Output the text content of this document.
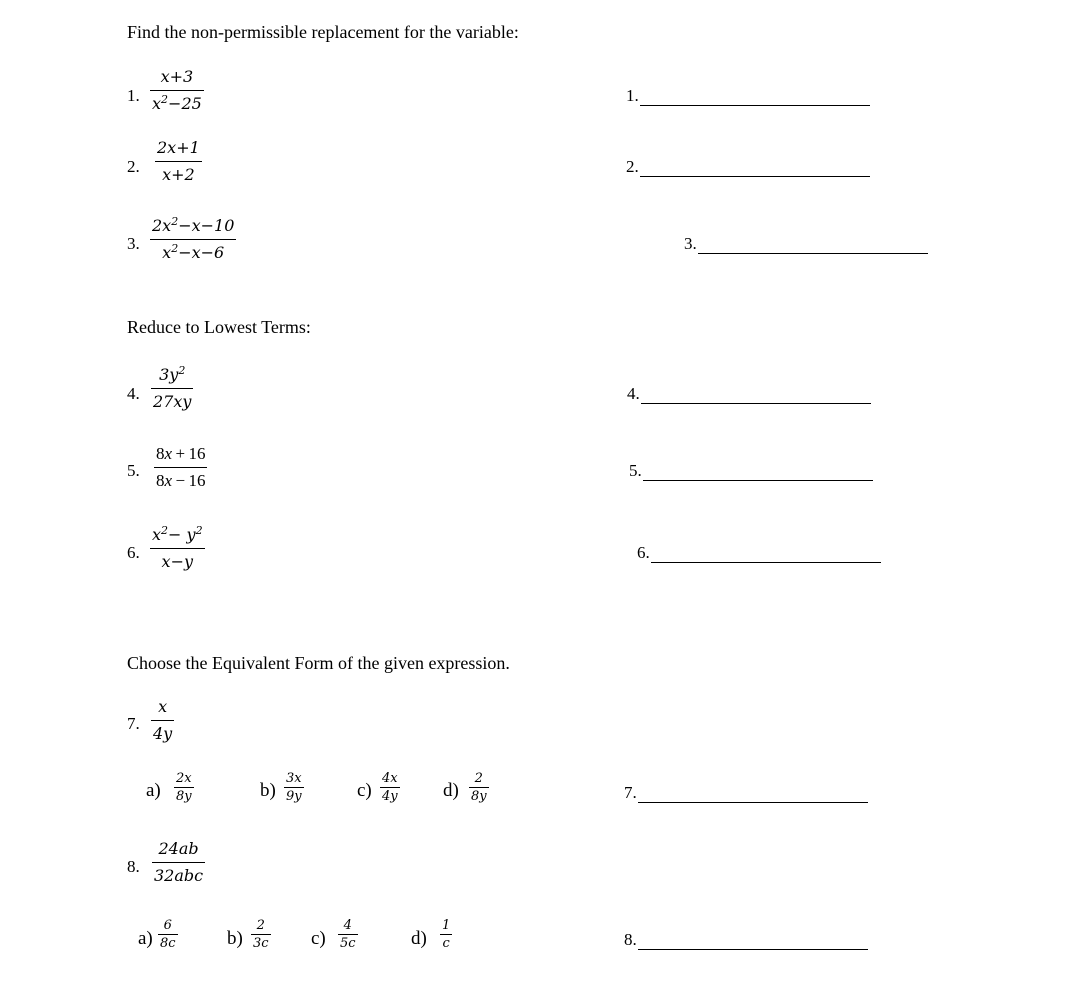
Find the non-permissible replacement for the variable:
1.
x+3
$x^2-25$	1.
2.
2x+1
x+2	2.
3.
$2x^2-x-10$
$x^2-x-6$	3.
Reduce to Lowest Terms:
4.
$3y^2$
27xy	4.
5.
8x + 16
8x − 16
5.
6.
$x^2- y^2$
x−y	6.
Choose the Equivalent Form of the given expression.
7.
x
4y
a)
2x
8y	b)
3x
9y	c)
4x
4y d)
2
8y	7.
8.
24ab
32abc
a)
6
8c	b)
2
3c c)
4
5c	d)
1
c	8.
